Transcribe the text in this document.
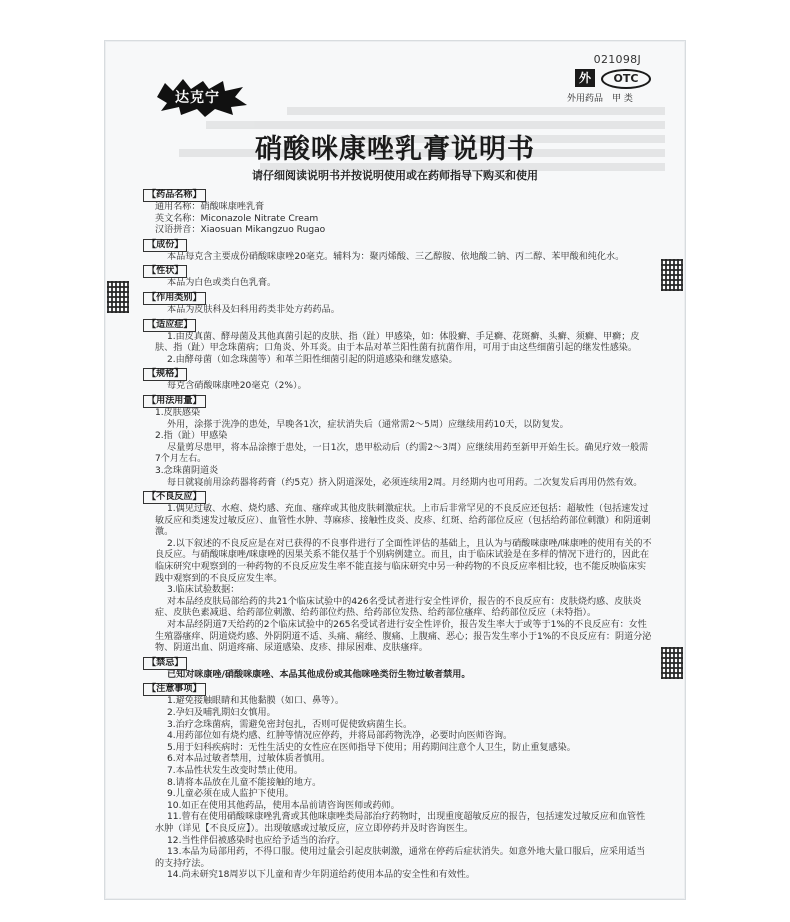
021098J
外	OTC
外用药品　甲 类
达克宁
硝酸咪康唑乳膏说明书
请仔细阅读说明书并按说明使用或在药师指导下购买和使用
【药品名称】

通用名称：硝酸咪康唑乳膏

英文名称：Miconazole Nitrate Cream

汉语拼音：Xiaosuan Mikangzuo Rugao

【成份】

本品每克含主要成份硝酸咪康唑20毫克。辅料为：聚丙烯酸、三乙醇胺、依地酸二钠、丙二醇、苯甲酸和纯化水。

【性状】

本品为白色或类白色乳膏。

【作用类别】

本品为皮肤科及妇科用药类非处方药药品。

【适应症】

1.由皮真菌、酵母菌及其他真菌引起的皮肤、指（趾）甲感染，如：体股癣、手足癣、花斑癣、头癣、须癣、甲癣；皮肤、指（趾）甲念珠菌病；口角炎、外耳炎。由于本品对革兰阳性菌有抗菌作用，可用于由这些细菌引起的继发性感染。

2.由酵母菌（如念珠菌等）和革兰阳性细菌引起的阴道感染和继发感染。

【规格】

每克含硝酸咪康唑20毫克（2%）。

【用法用量】

1.皮肤感染

外用，涂搽于洗净的患处，早晚各1次，症状消失后（通常需2～5周）应继续用药10天，以防复发。

2.指（趾）甲感染

尽量剪尽患甲，将本品涂擦于患处，一日1次，患甲松动后（约需2～3周）应继续用药至新甲开始生长。确见疗效一般需7个月左右。

3.念珠菌阴道炎

每日就寝前用涂药器将药膏（约5克）挤入阴道深处，必须连续用2周。月经期内也可用药。二次复发后再用仍然有效。

【不良反应】

1.偶见过敏、水疱、烧灼感、充血、瘙痒或其他皮肤刺激症状。上市后非常罕见的不良反应还包括：超敏性（包括速发过敏反应和类速发过敏反应）、血管性水肿、荨麻疹、接触性皮炎、皮疹、红斑、给药部位反应（包括给药部位刺激）和阴道刺激。

2.以下叙述的不良反应是在对已获得的不良事件进行了全面性评估的基础上，且认为与硝酸咪康唑/咪康唑的使用有关的不良反应。与硝酸咪康唑/咪康唑的因果关系不能仅基于个别病例建立。而且，由于临床试验是在多样的情况下进行的，因此在临床研究中观察到的一种药物的不良反应发生率不能直接与临床研究中另一种药物的不良反应率相比较，也不能反映临床实践中观察到的不良反应发生率。

3.临床试验数据：

对本品经皮肤局部给药的共21个临床试验中的426名受试者进行安全性评价，报告的不良反应有：皮肤烧灼感、皮肤炎症、皮肤色素减退、给药部位刺激、给药部位灼热、给药部位发热、给药部位瘙痒、给药部位反应（未特指）。

对本品经阴道7天给药的2个临床试验中的265名受试者进行安全性评价，报告发生率大于或等于1%的不良反应有：女性生殖器瘙痒、阴道烧灼感、外阴阴道不适、头痛、痛经、腹痛、上腹痛、恶心；报告发生率小于1%的不良反应有：阴道分泌物、阴道出血、阴道疼痛、尿道感染、皮疹、排尿困难、皮肤瘙痒。

【禁忌】

已知对咪康唑/硝酸咪康唑、本品其他成份或其他咪唑类衍生物过敏者禁用。

【注意事项】

1.避免接触眼睛和其他黏膜（如口、鼻等）。

2.孕妇及哺乳期妇女慎用。

3.治疗念珠菌病，需避免密封包扎，否则可促使致病菌生长。

4.用药部位如有烧灼感、红肿等情况应停药，并将局部药物洗净，必要时向医师咨询。

5.用于妇科疾病时：无性生活史的女性应在医师指导下使用；用药期间注意个人卫生，防止重复感染。

6.对本品过敏者禁用，过敏体质者慎用。

7.本品性状发生改变时禁止使用。

8.请将本品放在儿童不能接触的地方。

9.儿童必须在成人监护下使用。

10.如正在使用其他药品，使用本品前请咨询医师或药师。

11.曾有在使用硝酸咪康唑乳膏或其他咪康唑类局部治疗药物时，出现重度超敏反应的报告，包括速发过敏反应和血管性水肿（详见【不良反应】）。出现敏感或过敏反应，应立即停药并及时咨询医生。

12.当性伴侣被感染时也应给予适当的治疗。

13.本品为局部用药，不得口服。使用过量会引起皮肤刺激，通常在停药后症状消失。如意外地大量口服后，应采用适当的支持疗法。

14.尚未研究18周岁以下儿童和青少年阴道给药使用本品的安全性和有效性。
